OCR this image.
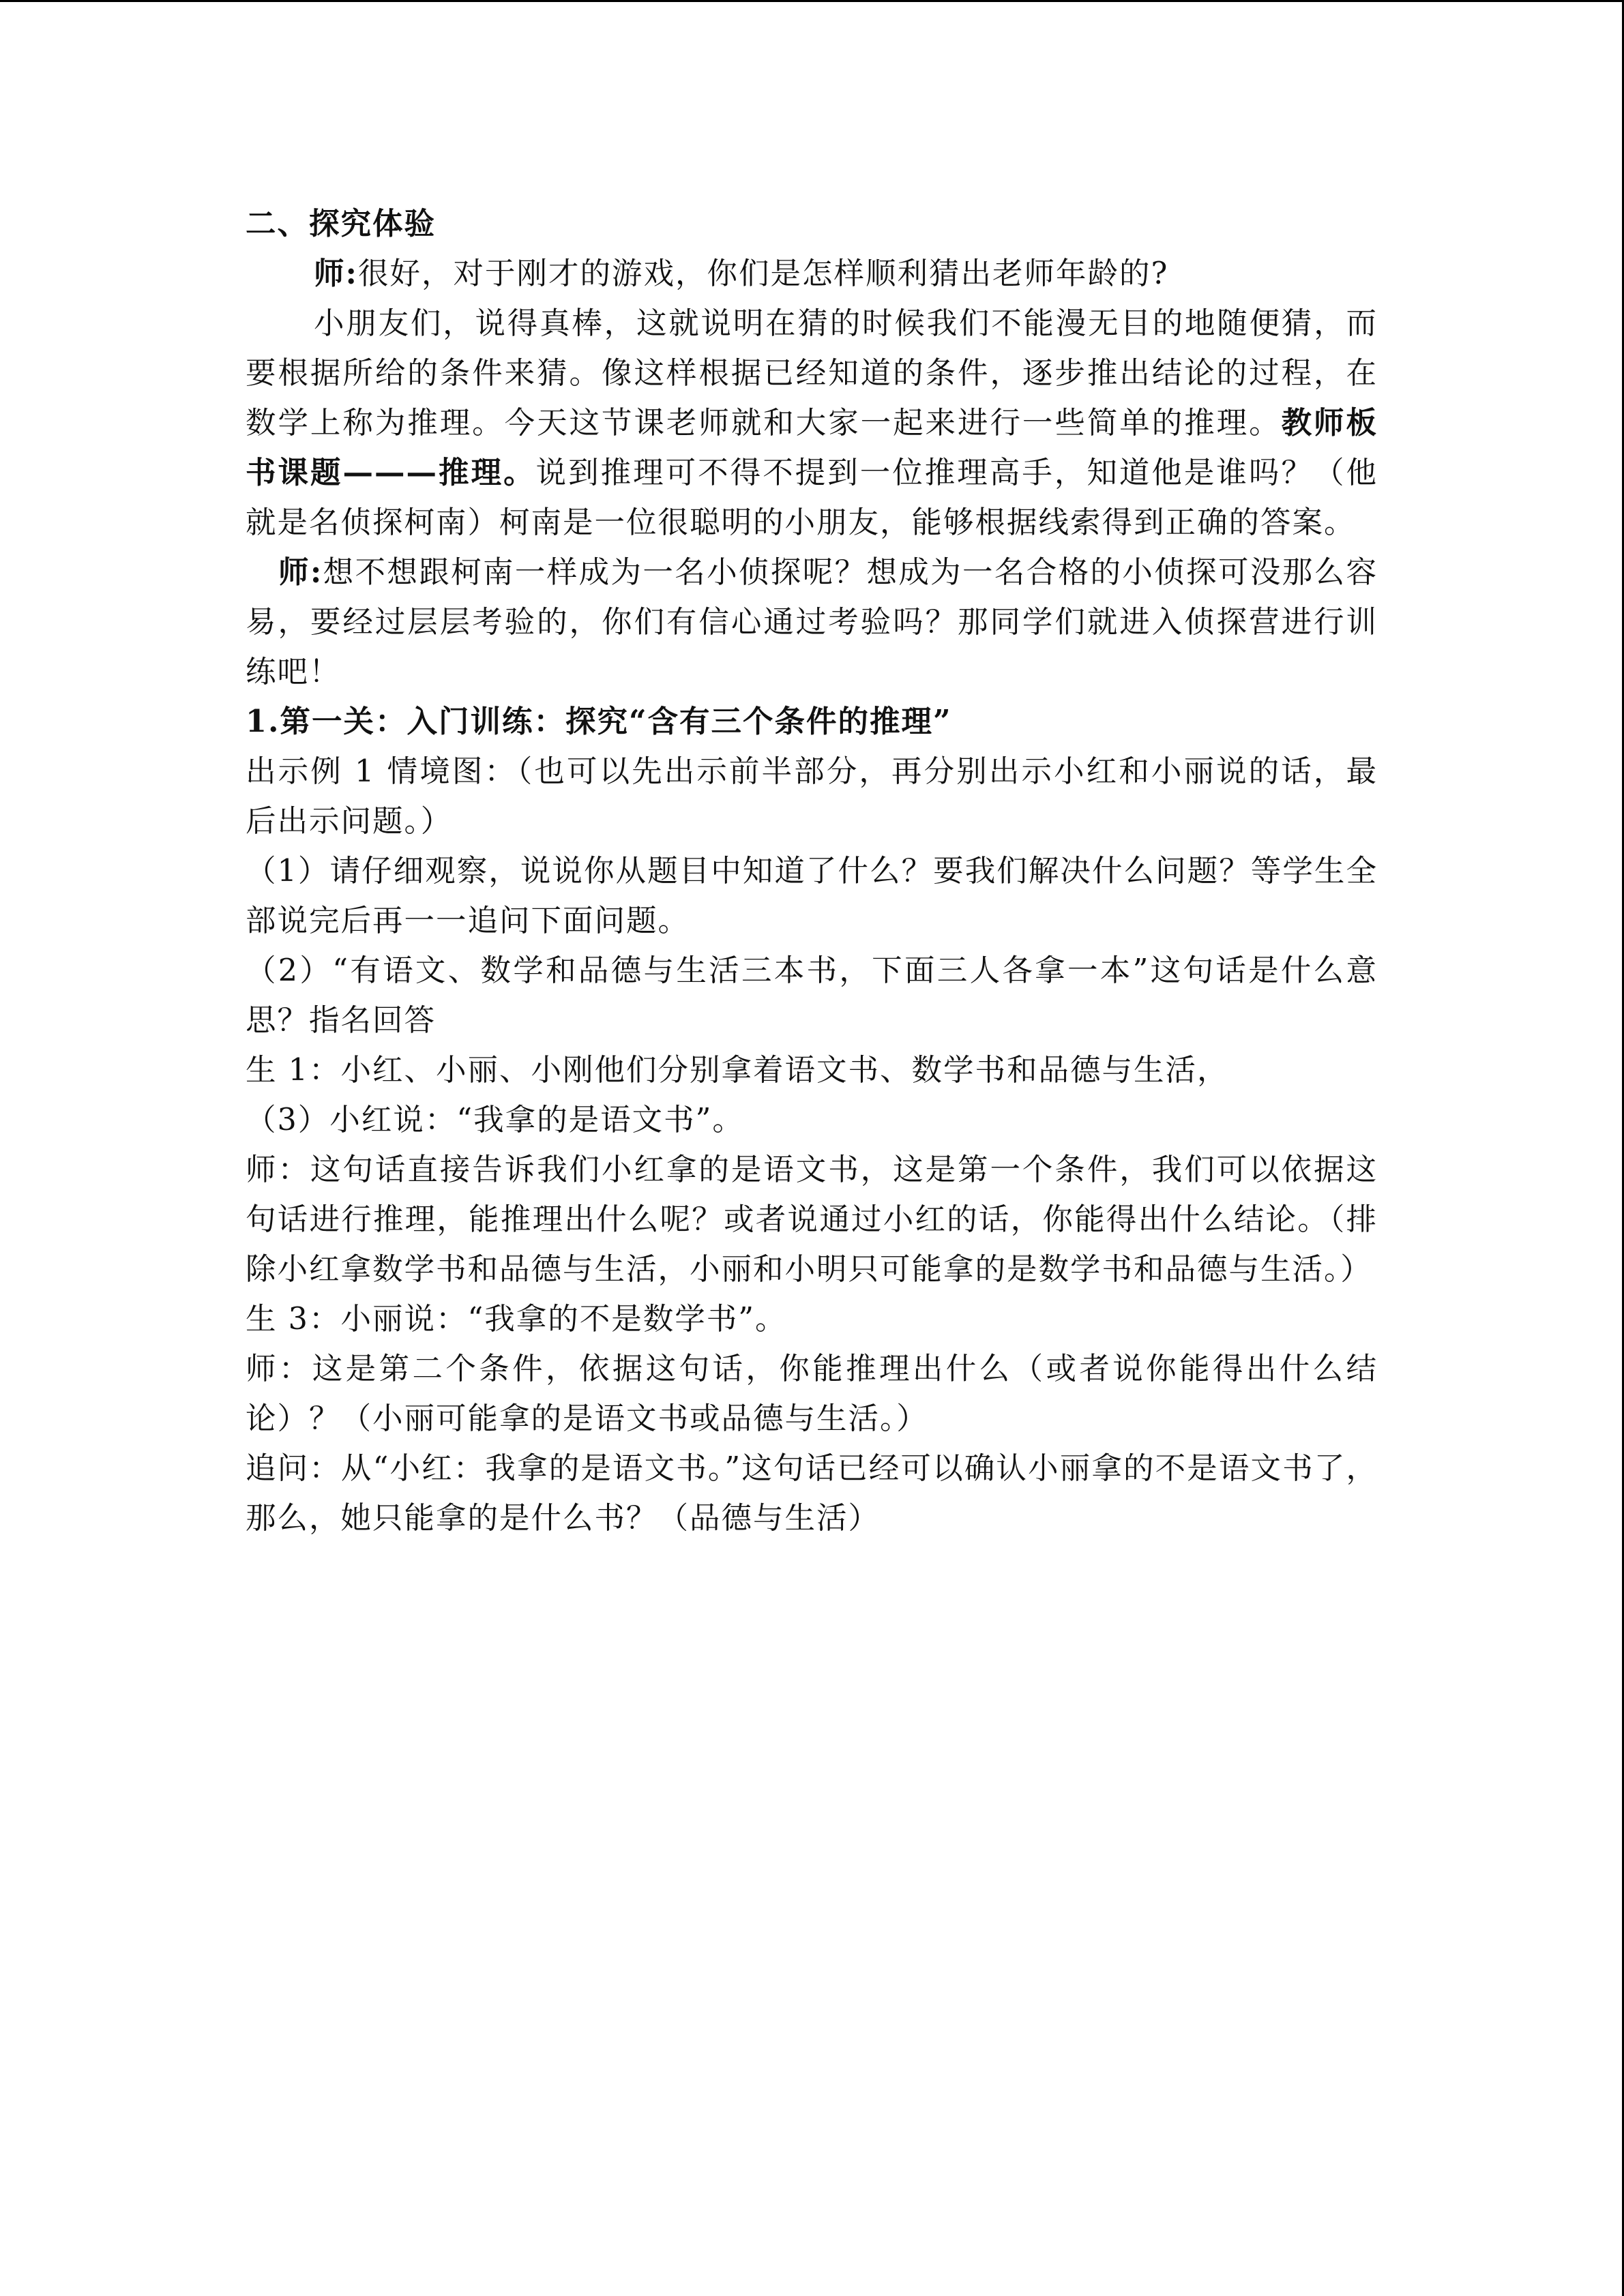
二、探究体验

师:很好，对于刚才的游戏，你们是怎样顺利猜出老师年龄的?

小朋友们，说得真棒，这就说明在猜的时候我们不能漫无目的地随便猜，而要根据所给的条件来猜。像这样根据已经知道的条件，逐步推出结论的过程，在数学上称为推理。今天这节课老师就和大家一起来进行一些简单的推理。教师板书课题———推理。说到推理可不得不提到一位推理高手，知道他是谁吗？（他就是名侦探柯南）柯南是一位很聪明的小朋友，能够根据线索得到正确的答案。

师:想不想跟柯南一样成为一名小侦探呢？想成为一名合格的小侦探可没那么容易，要经过层层考验的，你们有信心通过考验吗？那同学们就进入侦探营进行训练吧！

1.第一关：入门训练：探究“含有三个条件的推理”

出示例 1 情境图：（也可以先出示前半部分，再分别出示小红和小丽说的话，最后出示问题。）

（1）请仔细观察，说说你从题目中知道了什么？要我们解决什么问题？等学生全部说完后再一一追问下面问题。

（2）“有语文、数学和品德与生活三本书，下面三人各拿一本”这句话是什么意思？指名回答

生 1：小红、小丽、小刚他们分别拿着语文书、数学书和品德与生活，

（3）小红说：“我拿的是语文书”。

师：这句话直接告诉我们小红拿的是语文书，这是第一个条件，我们可以依据这句话进行推理，能推理出什么呢？或者说通过小红的话，你能得出什么结论。（排除小红拿数学书和品德与生活，小丽和小明只可能拿的是数学书和品德与生活。）

生 3：小丽说：“我拿的不是数学书”。

师：这是第二个条件，依据这句话，你能推理出什么（或者说你能得出什么结论）？（小丽可能拿的是语文书或品德与生活。）

追问：从“小红：我拿的是语文书。”这句话已经可以确认小丽拿的不是语文书了，那么，她只能拿的是什么书？（品德与生活）
